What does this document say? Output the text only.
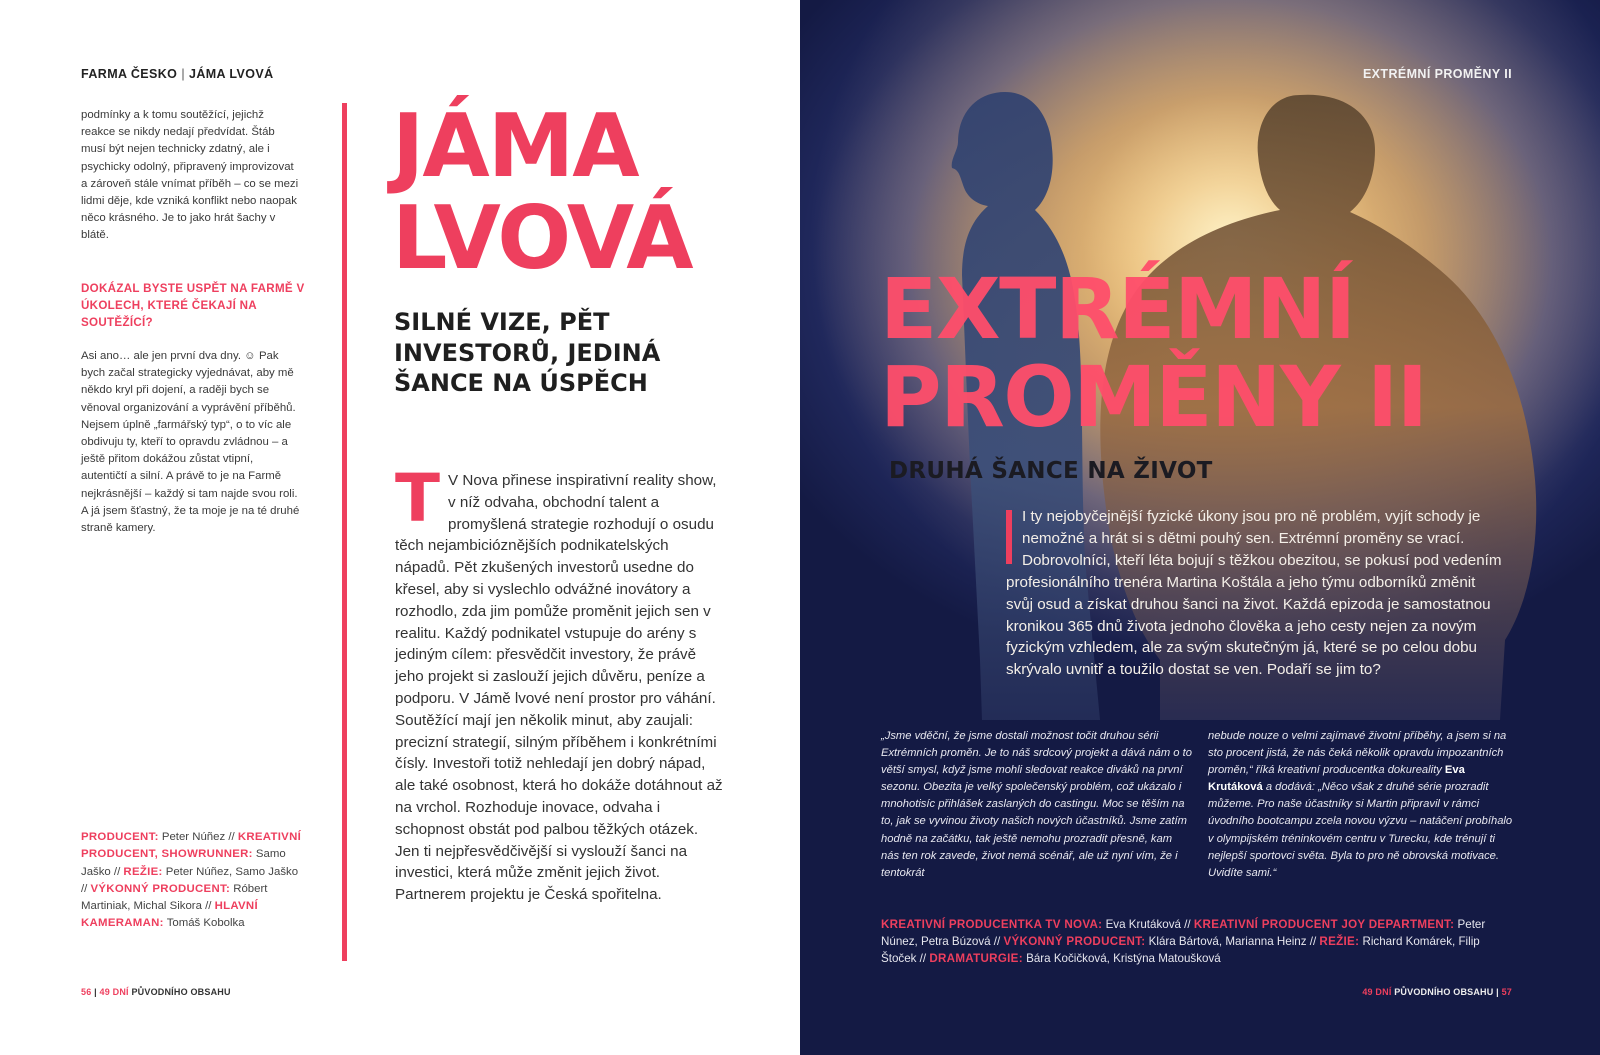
FARMA ČESKO | JÁMA LVOVÁ

podmínky a k tomu soutěžící, jejichž reakce se nikdy nedají předvídat. Štáb musí být nejen technicky zdatný, ale i psychicky odolný, připravený improvizovat a zároveň stále vnímat příběh – co se mezi lidmi děje, kde vzniká konflikt nebo naopak něco krásného. Je to jako hrát šachy v blátě.

DOKÁZAL BYSTE USPĚT NA FARMĚ V ÚKOLECH, KTERÉ ČEKAJÍ NA SOUTĚŽÍCÍ?

Asi ano… ale jen první dva dny. ☺ Pak bych začal strategicky vyjednávat, aby mě někdo kryl při dojení, a raději bych se věnoval organizování a vyprávění příběhů. Nejsem úplně „farmářský typ“, o to víc ale obdivuju ty, kteří to opravdu zvládnou – a ještě přitom dokážou zůstat vtipní, autentičtí a silní. A právě to je na Farmě nejkrásnější – každý si tam najde svou roli. A já jsem šťastný, že ta moje je na té druhé straně kamery.

PRODUCENT: Peter Núñez // KREATIVNÍ PRODUCENT, SHOWRUNNER: Samo Jaško // REŽIE: Peter Núñez, Samo Jaško // VÝKONNÝ PRODUCENT: Róbert Martiniak, Michal Sikora // HLAVNÍ KAMERAMAN: Tomáš Kobolka

JÁMA
LVOVÁ
SILNÉ VIZE, PĚT INVESTORŮ, JEDINÁ ŠANCE NA ÚSPĚCH
T V Nova přinese inspirativní reality show, v níž odvaha, obchodní talent a promyšlená strategie rozhodují o osudu těch nejambicióznějších podnikatelských nápadů. Pět zkušených investorů usedne do křesel, aby si vyslechlo odvážné inovátory a rozhodlo, zda jim pomůže proměnit jejich sen v realitu. Každý podnikatel vstupuje do arény s jediným cílem: přesvědčit investory, že právě jeho projekt si zaslouží jejich důvěru, peníze a podporu. V Jámě lvové není prostor pro váhání. Soutěžící mají jen několik minut, aby zaujali: precizní strategií, silným příběhem i konkrétními čísly. Investoři totiž nehledají jen dobrý nápad, ale také osobnost, která ho dokáže dotáhnout až na vrchol. Rozhoduje inovace, odvaha i schopnost obstát pod palbou těžkých otázek. Jen ti nejpřesvědčivější si vyslouží šanci na investici, která může změnit jejich život. Partnerem projektu je Česká spořitelna.
56 | 49 DNÍ PŮVODNÍHO OBSAHU
EXTRÉMNÍ PROMĚNY II
EXTRÉMNÍ
PROMĚNY II
DRUHÁ ŠANCE NA ŽIVOT
I ty nejobyčejnější fyzické úkony jsou pro ně problém, vyjít schody je nemožné a hrát si s dětmi pouhý sen. Extrémní proměny se vrací. Dobrovolníci, kteří léta bojují s těžkou obezitou, se pokusí pod vedením profesionálního trenéra Martina Koštála a jeho týmu odborníků změnit svůj osud a získat druhou šanci na život. Každá epizoda je samostatnou kronikou 365 dnů života jednoho člověka a jeho cesty nejen za novým fyzickým vzhledem, ale za svým skutečným já, které se po celou dobu skrývalo uvnitř a toužilo dostat se ven. Podaří se jim to?

„Jsme vděční, že jsme dostali možnost točit druhou sérii Extrémních proměn. Je to náš srdcový projekt a dává nám o to větší smysl, když jsme mohli sledovat reakce diváků na první sezonu. Obezita je velký společenský problém, což ukázalo i mnohotisíc přihlášek zaslaných do castingu. Moc se těším na to, jak se vyvinou životy našich nových účastníků. Jsme zatím hodně na začátku, tak ještě nemohu prozradit přesně, kam nás ten rok zavede, život nemá scénář, ale už nyní vím, že i tentokrát

nebude nouze o velmi zajímavé životní příběhy, a jsem si na sto procent jistá, že nás čeká několik opravdu impozantních proměn,“ říká kreativní producentka dokureality Eva Krutáková a dodává: „Něco však z druhé série prozradit můžeme. Pro naše účastníky si Martin připravil v rámci úvodního bootcampu zcela novou výzvu – natáčení probíhalo v olympijském tréninkovém centru v Turecku, kde trénují ti nejlepší sportovci světa. Byla to pro ně obrovská motivace. Uvidíte sami.“

KREATIVNÍ PRODUCENTKA TV NOVA: Eva Krutáková // KREATIVNÍ PRODUCENT JOY DEPARTMENT: Peter Núnez, Petra Búzová // VÝKONNÝ PRODUCENT: Klára Bártová, Marianna Heinz // REŽIE: Richard Komárek, Filip Štoček // DRAMATURGIE: Bára Kočičková, Kristýna Matoušková

49 DNÍ PŮVODNÍHO OBSAHU | 57
